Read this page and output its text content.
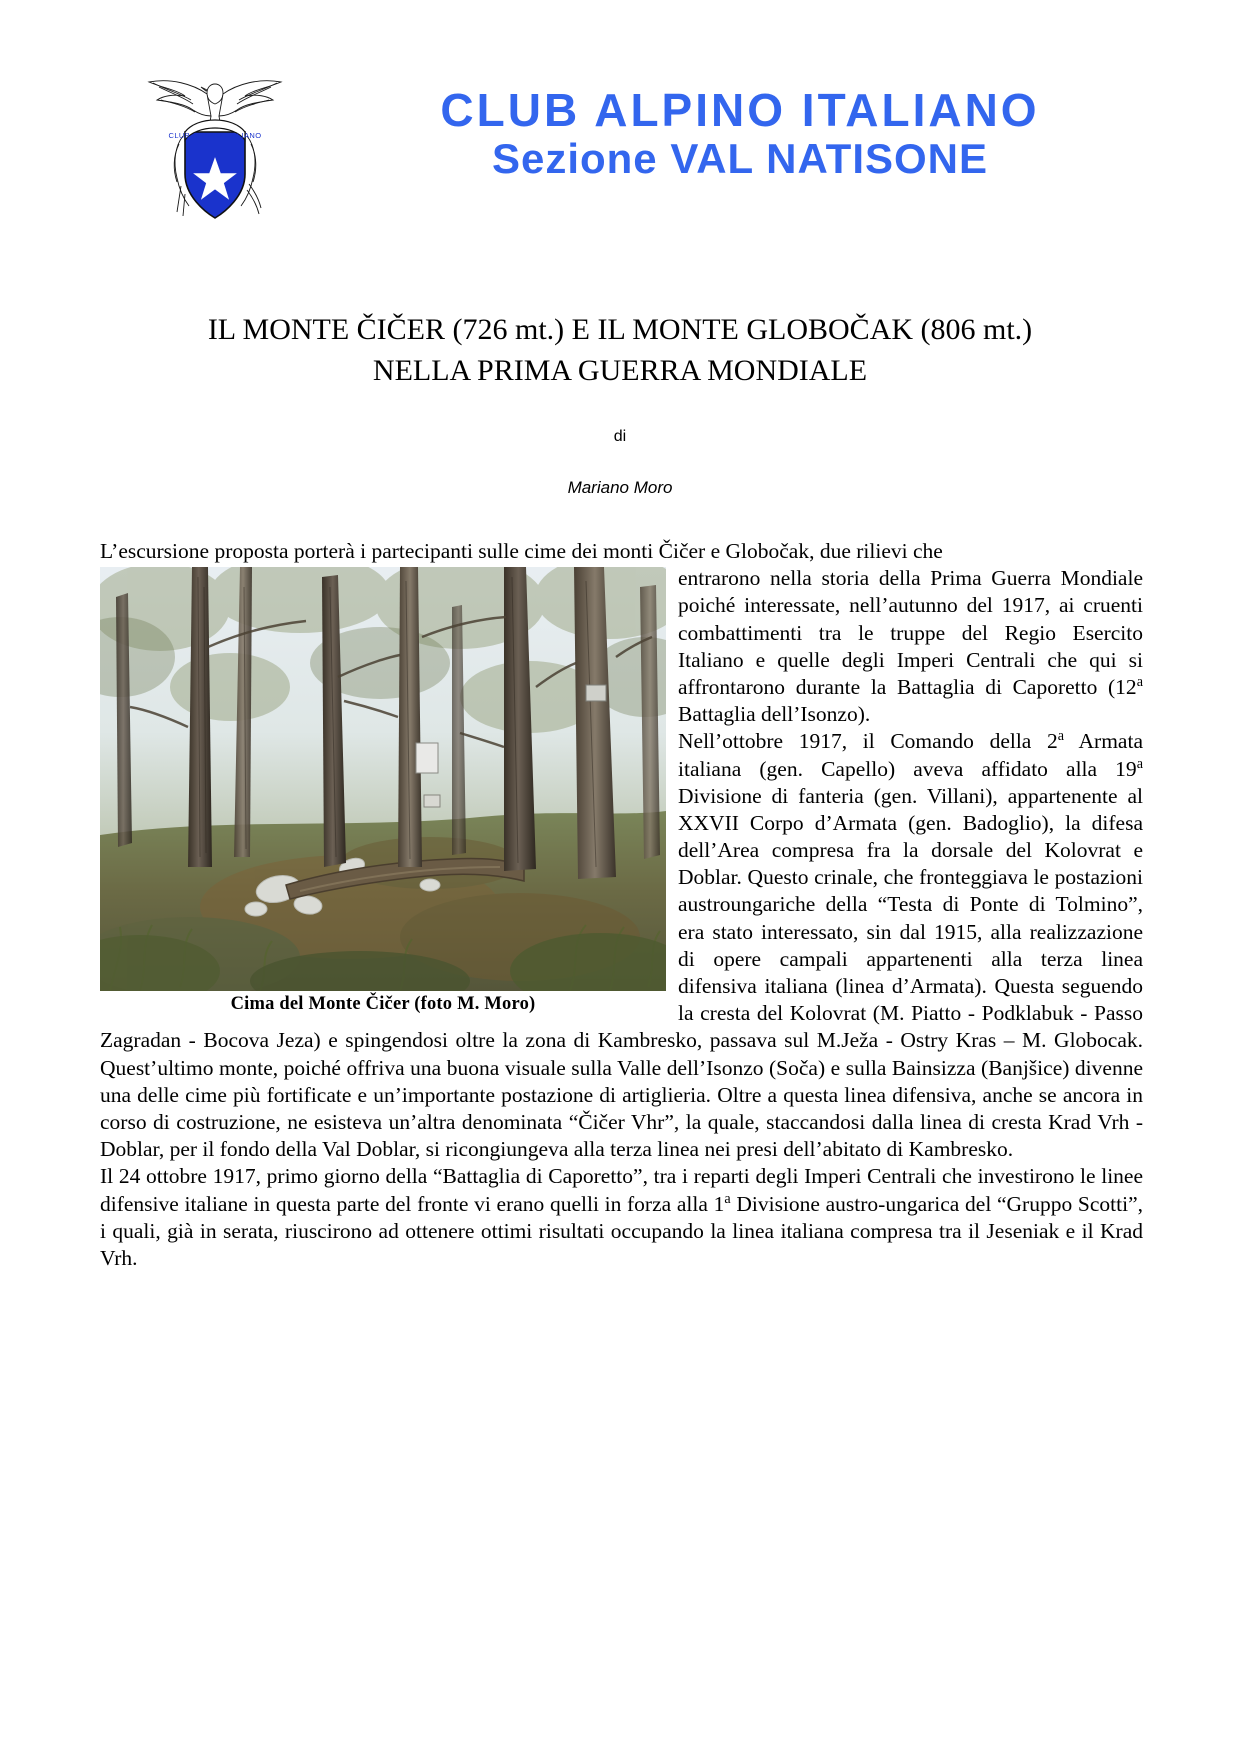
CLUB ALPINO ITALIANO	CLUB ALPINO ITALIANO
Sezione VAL NATISONE
IL MONTE ČIČER (726 mt.) E IL MONTE GLOBOČAK (806 mt.)
NELLA PRIMA GUERRA MONDIALE
di
Mariano Moro

L’escursione proposta porterà i partecipanti sulle cime dei monti Čičer e Globočak, due rilievi che

Cima del Monte Čičer (foto M. Moro)

entrarono nella storia della Prima Guerra Mondiale poiché interessate, nell’autunno del 1917, ai cruenti combattimenti tra le truppe del Regio Esercito Italiano e quelle degli Imperi Centrali che qui si affrontarono durante la Battaglia di Caporetto (12$^a$ Battaglia dell’Isonzo).

Nell’ottobre 1917, il Comando della 2$^a$ Armata italiana (gen. Capello) aveva affidato alla 19$^a$ Divisione di fanteria (gen. Villani), appartenente al XXVII Corpo d’Armata (gen. Badoglio), la difesa dell’Area compresa fra la dorsale del Kolovrat e Doblar. Questo crinale, che fronteggiava le postazioni austroungariche della “Testa di Ponte di Tolmino”, era stato interessato, sin dal 1915, alla realizzazione di opere campali appartenenti alla terza linea difensiva italiana (linea d’Armata). Questa seguendo la cresta del Kolovrat (M. Piatto - Podklabuk - Passo Zagradan - Bocova Jeza) e spingendosi oltre la zona di Kambresko, passava sul M.Ježa - Ostry Kras – M. Globocak. Quest’ultimo monte, poiché offriva una buona visuale sulla Valle dell’Isonzo (Soča) e sulla Bainsizza (Banjšice) divenne una delle cime più fortificate e un’importante postazione di artiglieria. Oltre a questa linea difensiva, anche se ancora in corso di costruzione, ne esisteva un’altra denominata “Čičer Vhr”, la quale, staccandosi dalla linea di cresta Krad Vrh - Doblar, per il fondo della Val Doblar, si ricongiungeva alla terza linea nei presi dell’abitato di Kambresko.

Il 24 ottobre 1917, primo giorno della “Battaglia di Caporetto”, tra i reparti degli Imperi Centrali che investirono le linee difensive italiane in questa parte del fronte vi erano quelli in forza alla 1$^a$ Divisione austro-ungarica del “Gruppo Scotti”, i quali, già in serata, riuscirono ad ottenere ottimi risultati occupando la linea italiana compresa tra il Jeseniak e il Krad Vrh.
